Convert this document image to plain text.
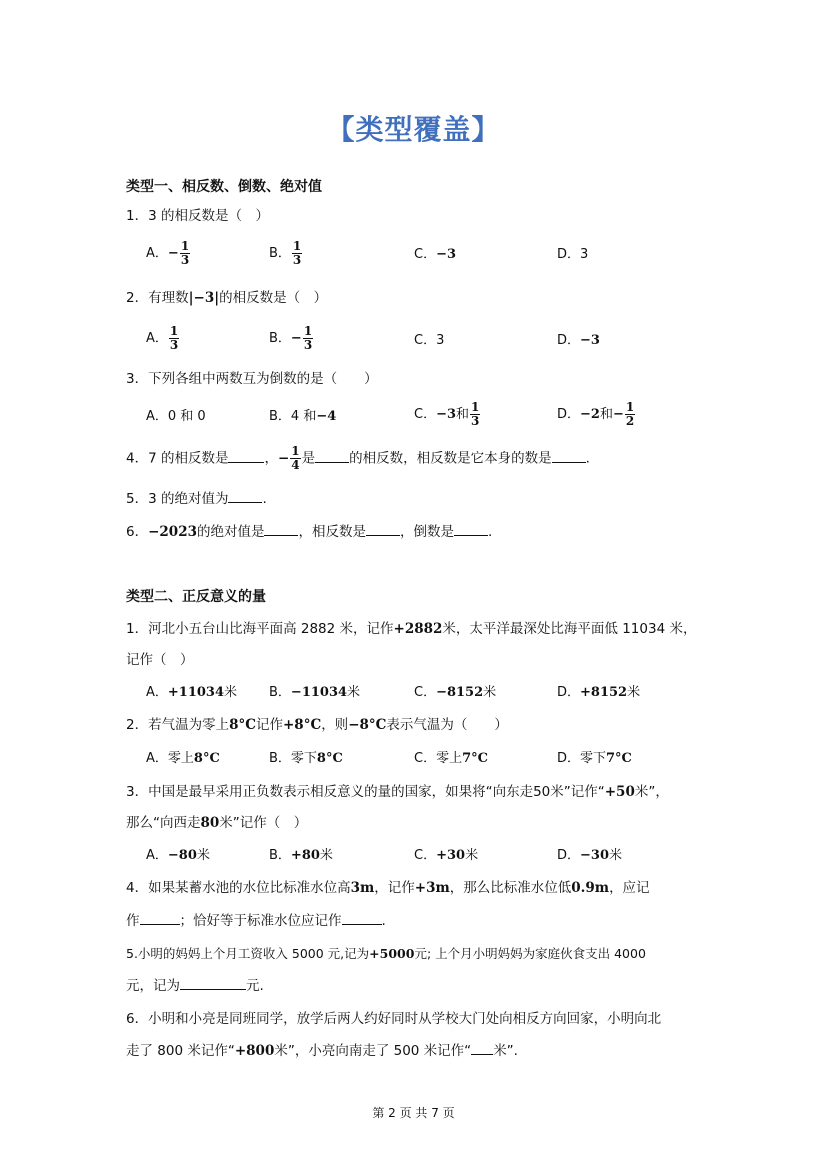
【类型覆盖】
类型一、相反数、倒数、绝对值
1．3 的相反数是（　）
A．− $\frac{1}{3}$	B． $\frac{1}{3}$	C．−3	D．3
2．有理数|−3|的相反数是（　）
A． $\frac{1}{3}$	B．− $\frac{1}{3}$	C．3	D．−3
3．下列各组中两数互为倒数的是（　　）
A．0 和 0	B．4 和−4	C．−3和 $\frac{1}{3}$	D．−2和− $\frac{1}{2}$
4．7 的相反数是	，− $\frac{1}{4}$ 是	的相反数，相反数是它本身的数是	.
5．3 的绝对值为	.
6．−2023的绝对值是	，相反数是	，倒数是	.
类型二、正反意义的量
1．河北小五台山比海平面高 2882 米，记作+2882米，太平洋最深处比海平面低 11034 米，
记作（　）
A．+11034米 B．−11034米	C．−8152米	D．+8152米
2．若气温为零上8°C记作+8°C，则−8°C表示气温为（　　）
A．零上8°C	B．零下8°C	C．零上7°C	D．零下7°C
3．中国是最早采用正负数表示相反意义的量的国家，如果将“向东走50米”记作“+50米”，
那么“向西走80米”记作（　）
A．−80米	B．+80米	C．+30米	D．−30米
4．如果某蓄水池的水位比标准水位高3m，记作+3m，那么比标准水位低0.9m，应记
作	；恰好等于标准水位应记作	.
5.小明的妈妈上个月工资收入 5000 元,记为+5000元; 上个月小明妈妈为家庭伙食支出 4000
元，记为	元.
6．小明和小亮是同班同学，放学后两人约好同时从学校大门处向相反方向回家，小明向北
走了 800 米记作“+800米”，小亮向南走了 500 米记作“ 米”.
第 2 页 共 7 页
